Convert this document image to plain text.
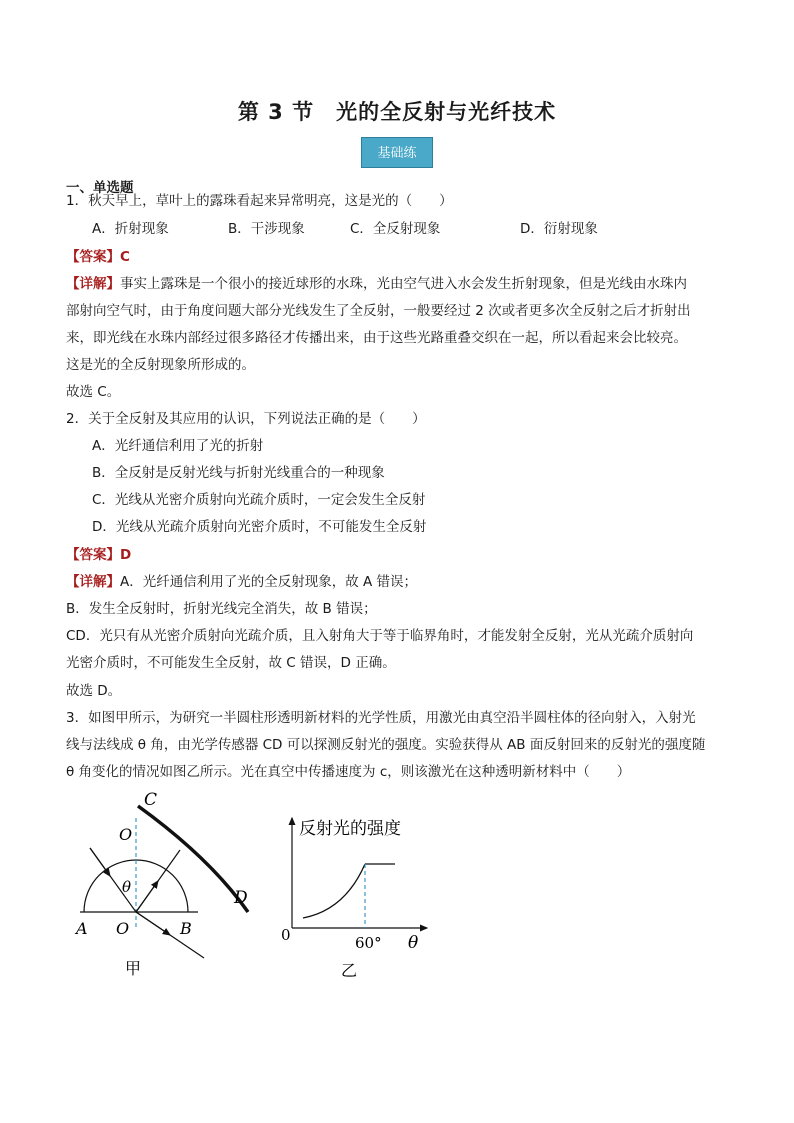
第 3 节　光的全反射与光纤技术
基础练
一、单选题
1．秋天早上，草叶上的露珠看起来异常明亮，这是光的（　　）
A．折射现象	B．干涉现象	C．全反射现象	D．衍射现象
【答案】C
【详解】事实上露珠是一个很小的接近球形的水珠，光由空气进入水会发生折射现象，但是光线由水珠内
部射向空气时，由于角度问题大部分光线发生了全反射，一般要经过 2 次或者更多次全反射之后才折射出
来，即光线在水珠内部经过很多路径才传播出来，由于这些光路重叠交织在一起，所以看起来会比较亮。
这是光的全反射现象所形成的。
故选 C。
2．关于全反射及其应用的认识，下列说法正确的是（　　）
A．光纤通信利用了光的折射
B．全反射是反射光线与折射光线重合的一种现象
C．光线从光密介质射向光疏介质时，一定会发生全反射
D．光线从光疏介质射向光密介质时，不可能发生全反射
【答案】D
【详解】A．光纤通信利用了光的全反射现象，故 A 错误；
B．发生全反射时，折射光线完全消失，故 B 错误；
CD．光只有从光密介质射向光疏介质，且入射角大于等于临界角时，才能发射全反射，光从光疏介质射向
光密介质时，不可能发生全反射，故 C 错误，D 正确。
故选 D。
3．如图甲所示，为研究一半圆柱形透明新材料的光学性质，用激光由真空沿半圆柱体的径向射入，入射光
线与法线成 θ 角，由光学传感器 CD 可以探测反射光的强度。实验获得从 AB 面反射回来的反射光的强度随
θ 角变化的情况如图乙所示。光在真空中传播速度为 c，则该激光在这种透明新材料中（　　）
C
O
θ
D
A O	B
甲
反射光的强度
0	60° θ
乙
